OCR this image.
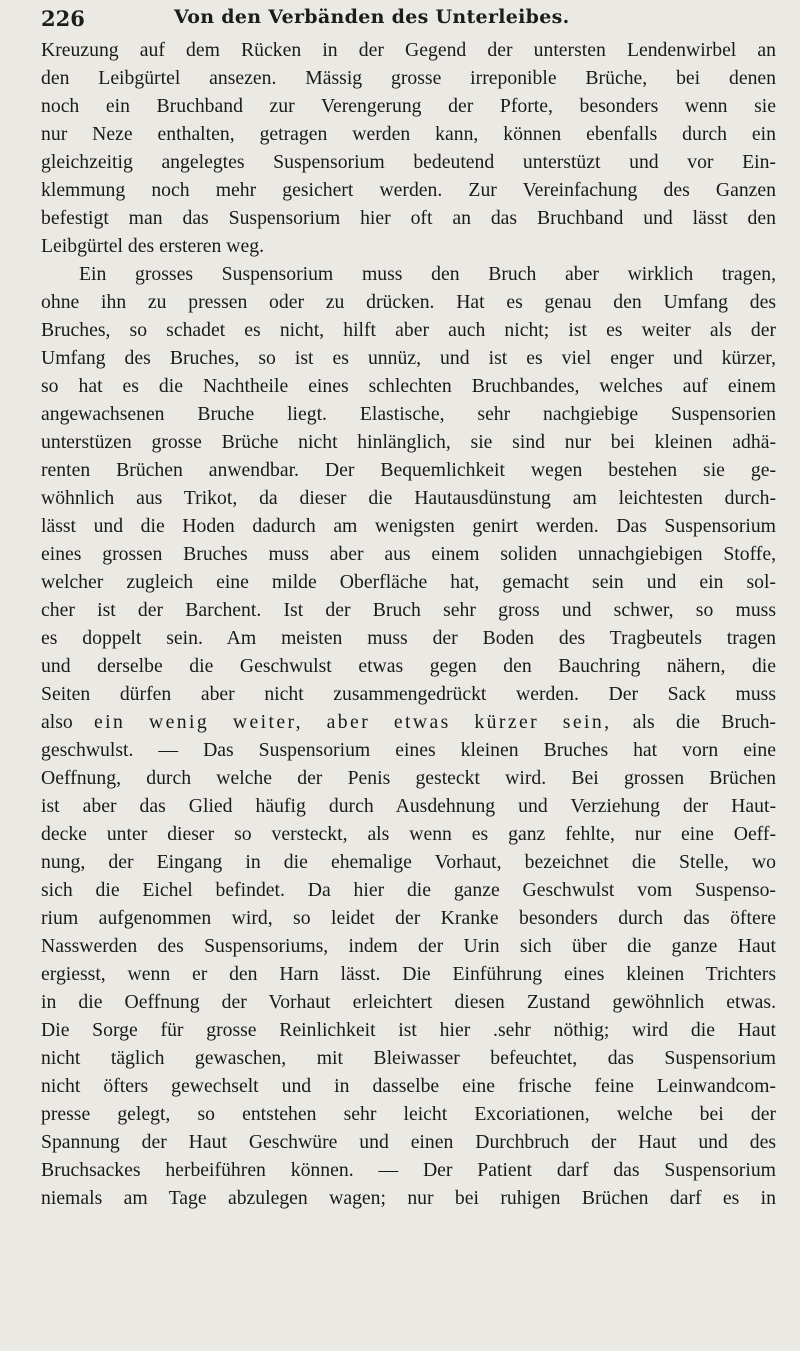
226	Von den Verbänden des Unterleibes.
Kreuzung auf dem Rücken in der Gegend der untersten Lendenwirbel an
den Leibgürtel ansezen. Mässig grosse irreponible Brüche, bei denen
noch ein Bruchband zur Verengerung der Pforte, besonders wenn sie
nur Neze enthalten, getragen werden kann, können ebenfalls durch ein
gleichzeitig angelegtes Suspensorium bedeutend unterstüzt und vor Ein-
klemmung noch mehr gesichert werden. Zur Vereinfachung des Ganzen
befestigt man das Suspensorium hier oft an das Bruchband und lässt den
Leibgürtel des ersteren weg.
Ein grosses Suspensorium muss den Bruch aber wirklich tragen,
ohne ihn zu pressen oder zu drücken. Hat es genau den Umfang des
Bruches, so schadet es nicht, hilft aber auch nicht; ist es weiter als der
Umfang des Bruches, so ist es unnüz, und ist es viel enger und kürzer,
so hat es die Nachtheile eines schlechten Bruchbandes, welches auf einem
angewachsenen Bruche liegt. Elastische, sehr nachgiebige Suspensorien
unterstüzen grosse Brüche nicht hinlänglich, sie sind nur bei kleinen adhä-
renten Brüchen anwendbar. Der Bequemlichkeit wegen bestehen sie ge-
wöhnlich aus Trikot, da dieser die Hautausdünstung am leichtesten durch-
lässt und die Hoden dadurch am wenigsten genirt werden. Das Suspensorium
eines grossen Bruches muss aber aus einem soliden unnachgiebigen Stoffe,
welcher zugleich eine milde Oberfläche hat, gemacht sein und ein sol-
cher ist der Barchent. Ist der Bruch sehr gross und schwer, so muss
es doppelt sein. Am meisten muss der Boden des Tragbeutels tragen
und derselbe die Geschwulst etwas gegen den Bauchring nähern, die
Seiten dürfen aber nicht zusammengedrückt werden. Der Sack muss
also ein wenig weiter, aber etwas kürzer sein, als die Bruch-
geschwulst. — Das Suspensorium eines kleinen Bruches hat vorn eine
Oeffnung, durch welche der Penis gesteckt wird. Bei grossen Brüchen
ist aber das Glied häufig durch Ausdehnung und Verziehung der Haut-
decke unter dieser so versteckt, als wenn es ganz fehlte, nur eine Oeff-
nung, der Eingang in die ehemalige Vorhaut, bezeichnet die Stelle, wo
sich die Eichel befindet. Da hier die ganze Geschwulst vom Suspenso-
rium aufgenommen wird, so leidet der Kranke besonders durch das öftere
Nasswerden des Suspensoriums, indem der Urin sich über die ganze Haut
ergiesst, wenn er den Harn lässt. Die Einführung eines kleinen Trichters
in die Oeffnung der Vorhaut erleichtert diesen Zustand gewöhnlich etwas.
Die Sorge für grosse Reinlichkeit ist hier .sehr nöthig; wird die Haut
nicht täglich gewaschen, mit Bleiwasser befeuchtet, das Suspensorium
nicht öfters gewechselt und in dasselbe eine frische feine Leinwandcom-
presse gelegt, so entstehen sehr leicht Excoriationen, welche bei der
Spannung der Haut Geschwüre und einen Durchbruch der Haut und des
Bruchsackes herbeiführen können. — Der Patient darf das Suspensorium
niemals am Tage abzulegen wagen; nur bei ruhigen Brüchen darf es in
